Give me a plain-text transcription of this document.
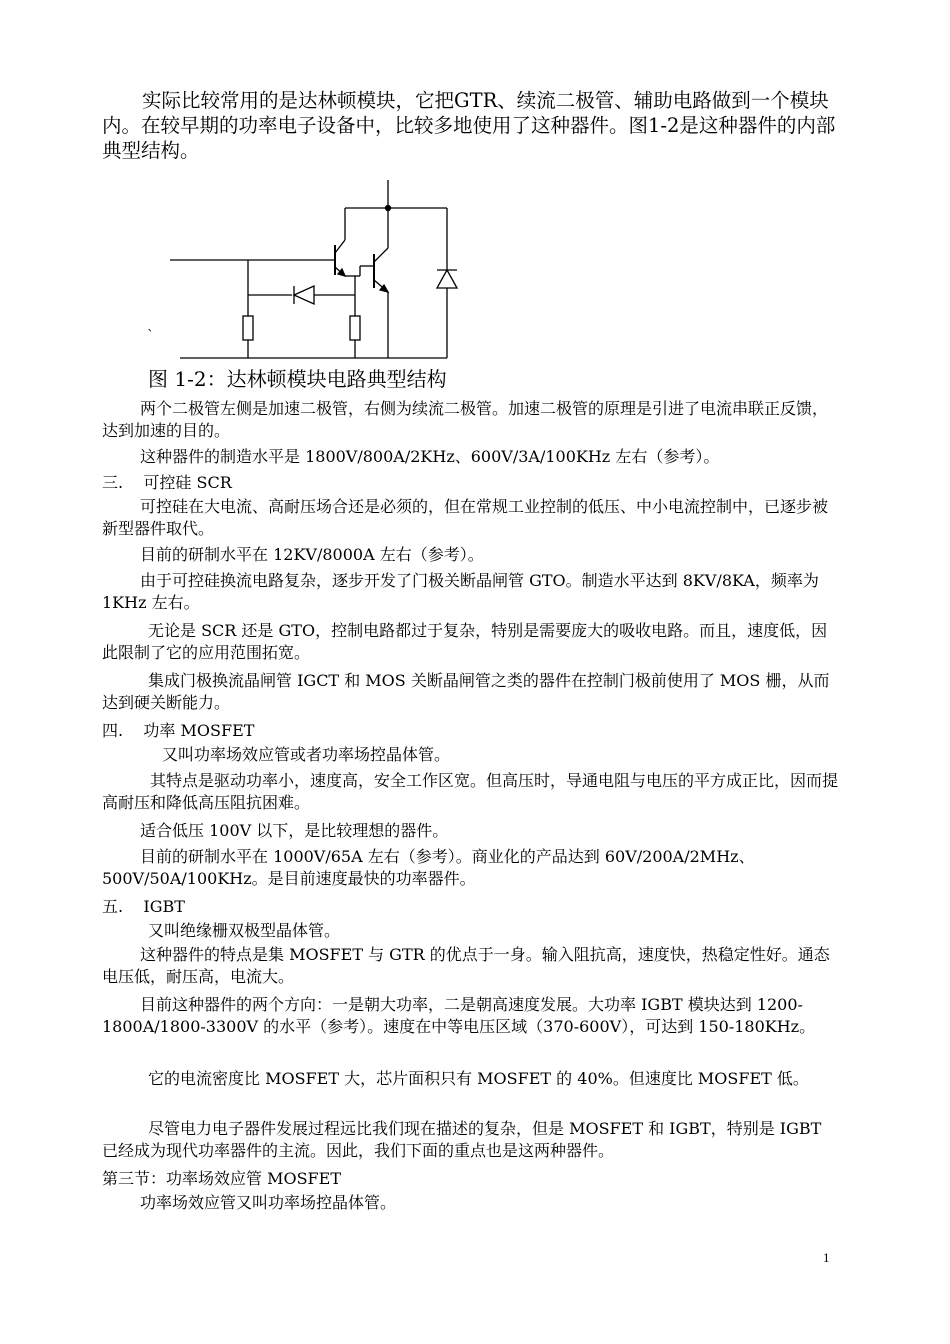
实际比较常用的是达林顿模块，它把GTR、续流二极管、辅助电路做到一个模块内。在较早期的功率电子设备中，比较多地使用了这种器件。图1-2是这种器件的内部典型结构。
`
图 1-2：达林顿模块电路典型结构
两个二极管左侧是加速二极管，右侧为续流二极管。加速二极管的原理是引进了电流串联正反馈，达到加速的目的。
这种器件的制造水平是 1800V/800A/2KHz、600V/3A/100KHz 左右（参考）。
三.    可控硅 SCR
可控硅在大电流、高耐压场合还是必须的，但在常规工业控制的低压、中小电流控制中，已逐步被新型器件取代。
目前的研制水平在 12KV/8000A 左右（参考）。
由于可控硅换流电路复杂，逐步开发了门极关断晶闸管 GTO。制造水平达到 8KV/8KA，频率为 1KHz 左右。
无论是 SCR 还是 GTO，控制电路都过于复杂，特别是需要庞大的吸收电路。而且，速度低，因此限制了它的应用范围拓宽。
集成门极换流晶闸管 IGCT 和 MOS 关断晶闸管之类的器件在控制门极前使用了 MOS 栅，从而达到硬关断能力。
四.    功率 MOSFET
又叫功率场效应管或者功率场控晶体管。
其特点是驱动功率小，速度高，安全工作区宽。但高压时，导通电阻与电压的平方成正比，因而提高耐压和降低高压阻抗困难。
适合低压 100V 以下，是比较理想的器件。
目前的研制水平在 1000V/65A 左右（参考）。商业化的产品达到 60V/200A/2MHz、500V/50A/100KHz。是目前速度最快的功率器件。
五.    IGBT
又叫绝缘栅双极型晶体管。
这种器件的特点是集 MOSFET 与 GTR 的优点于一身。输入阻抗高，速度快，热稳定性好。通态电压低，耐压高，电流大。
目前这种器件的两个方向：一是朝大功率，二是朝高速度发展。大功率 IGBT 模块达到 1200-1800A/1800-3300V 的水平（参考）。速度在中等电压区域（370-600V），可达到 150-180KHz。
它的电流密度比 MOSFET 大，芯片面积只有 MOSFET 的 40%。但速度比 MOSFET 低。
尽管电力电子器件发展过程远比我们现在描述的复杂，但是 MOSFET 和 IGBT，特别是 IGBT 已经成为现代功率器件的主流。因此，我们下面的重点也是这两种器件。
第三节：功率场效应管 MOSFET
功率场效应管又叫功率场控晶体管。
1
